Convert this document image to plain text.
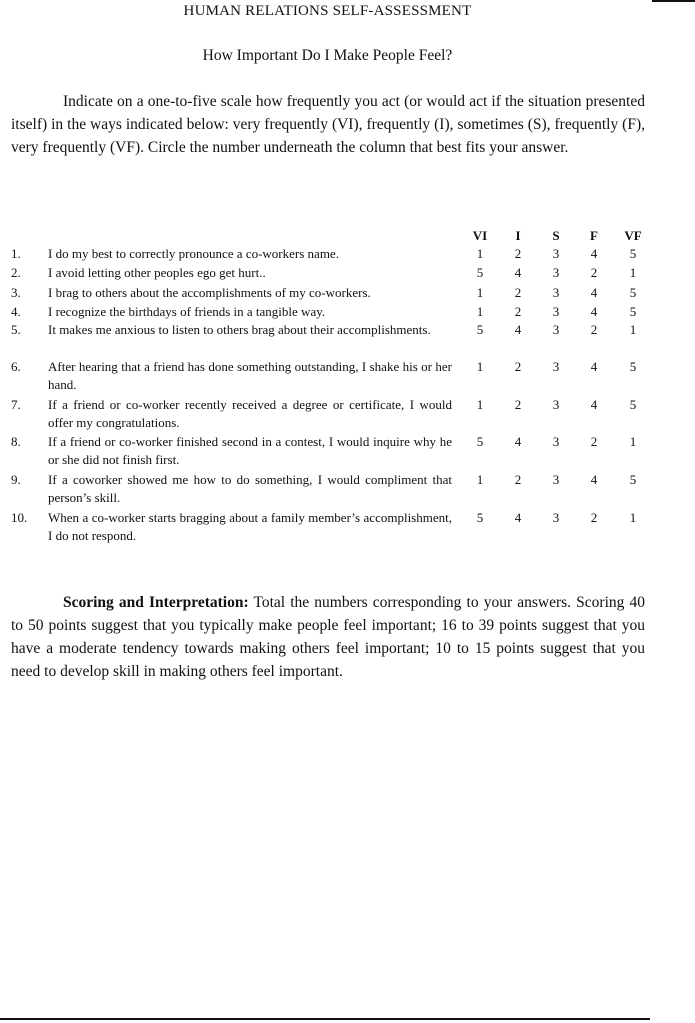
HUMAN RELATIONS SELF-ASSESSMENT
How Important Do I Make People Feel?

Indicate on a one-to-five scale how frequently you act (or would act if the situation presented itself) in the ways indicated below: very frequently (VI), frequently (I), sometimes (S), frequently (F), very frequently (VF). Circle the number underneath the column that best fits your answer.

VI	I	S	F	VF
1. I do my best to correctly pronounce a co-workers name.	1	2	3	4	5
2. I avoid letting other peoples ego get hurt..	5	4	3	2	1
3. I brag to others about the accomplishments of my co-workers.	1	2	3	4	5
4. I recognize the birthdays of friends in a tangible way.	1	2	3	4	5
5. It makes me anxious to listen to others brag about their accomplishments.	5	4	3	2	1
6. After hearing that a friend has done something outstanding, I shake his or her hand.
1	2	3	4	5
7. If a friend or co-worker recently received a degree or certificate, I would offer my congratulations.
1	2	3	4	5
8. If a friend or co-worker finished second in a contest, I would inquire why he or she did not finish first.
5	4	3	2	1
9. If a coworker showed me how to do something, I would compliment that person’s skill.
1	2	3	4	5
10. When a co-worker starts bragging about a family member’s accomplishment, I do not respond.
5	4	3	2	1

Scoring and Interpretation: Total the numbers corresponding to your answers. Scoring 40 to 50 points suggest that you typically make people feel important; 16 to 39 points suggest that you have a moderate tendency towards making others feel important; 10 to 15 points suggest that you need to develop skill in making others feel important.
